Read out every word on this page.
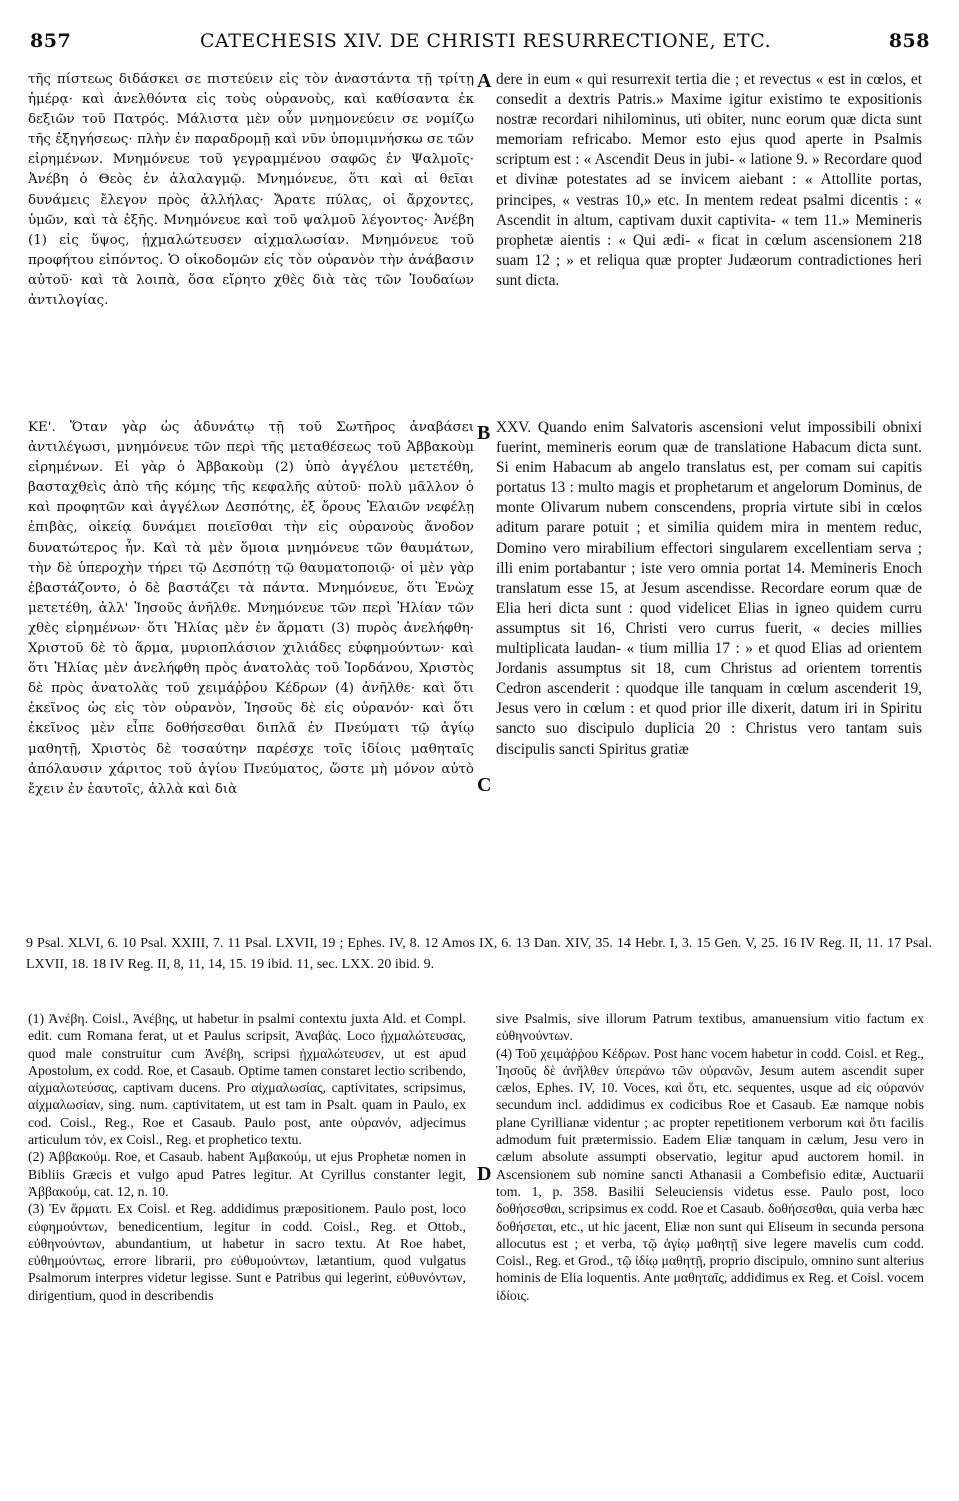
857	CATECHESIS XIV. DE CHRISTI RESURRECTIONE, ETC.	858

τῆς πίστεως διδάσκει σε πιστεύειν εἰς τὸν ἀναστάντα τῇ τρίτῃ ἡμέρᾳ· καὶ ἀνελθόντα εἰς τοὺς οὐρανοὺς, καὶ καθίσαντα ἐκ δεξιῶν τοῦ Πατρός. Μάλιστα μὲν οὖν μνημονεύειν σε νομίζω τῆς ἐξηγήσεως· πλὴν ἐν παραδρομῇ καὶ νῦν ὑπομιμνήσκω σε τῶν εἰρημένων. Μνημόνευε τοῦ γεγραμμένου σαφῶς ἐν Ψαλμοῖς· Ἀνέβη ὁ Θεὸς ἐν ἀλαλαγμῷ. Μνημόνευε, ὅτι καὶ αἱ θεῖαι δυνάμεις ἔλεγον πρὸς ἀλλήλας· Ἄρατε πύλας, οἱ ἄρχοντες, ὑμῶν, καὶ τὰ ἑξῆς. Μνημόνευε καὶ τοῦ ψαλμοῦ λέγοντος· Ἀνέβη (1) εἰς ὕψος, ᾐχμαλώτευσεν αἰχμαλωσίαν. Μνημόνευε τοῦ προφήτου εἰπόντος. Ὁ οἰκοδομῶν εἰς τὸν οὐρανὸν τὴν ἀνάβασιν αὐτοῦ· καὶ τὰ λοιπὰ, ὅσα εἴρητο χθὲς διὰ τὰς τῶν Ἰουδαίων ἀντιλογίας.

ΚΕ'. Ὅταν γὰρ ὡς ἀδυνάτῳ τῇ τοῦ Σωτῆρος ἀναβάσει ἀντιλέγωσι, μνημόνευε τῶν περὶ τῆς μεταθέσεως τοῦ Ἀββακοὺμ εἰρημένων. Εἰ γὰρ ὁ Ἀββακοὺμ (2) ὑπὸ ἀγγέλου μετετέθη, βασταχθεὶς ἀπὸ τῆς κόμης τῆς κεφαλῆς αὐτοῦ· πολὺ μᾶλλον ὁ καὶ προφητῶν καὶ ἀγγέλων Δεσπότης, ἐξ ὄρους Ἐλαιῶν νεφέλῃ ἐπιβὰς, οἰκείᾳ δυνάμει ποιεῖσθαι τὴν εἰς οὐρανοὺς ἄνοδον δυνατώτερος ἦν. Καὶ τὰ μὲν ὅμοια μνημόνευε τῶν θαυμάτων, τὴν δὲ ὑπεροχὴν τήρει τῷ Δεσπότῃ τῷ θαυματοποιῷ· οἱ μὲν γὰρ ἐβαστάζοντο, ὁ δὲ βαστάζει τὰ πάντα. Μνημόνευε, ὅτι Ἐνὼχ μετετέθη, ἀλλ' Ἰησοῦς ἀνῆλθε. Μνημόνευε τῶν περὶ Ἠλίαν τῶν χθὲς εἰρημένων· ὅτι Ἠλίας μὲν ἐν ἅρματι (3) πυρὸς ἀνελήφθη· Χριστοῦ δὲ τὸ ἅρμα, μυριοπλάσιον χιλιάδες εὐφημούντων· καὶ ὅτι Ἠλίας μὲν ἀνελήφθη πρὸς ἀνατολὰς τοῦ Ἰορδάνου, Χριστὸς δὲ πρὸς ἀνατολὰς τοῦ χειμάῤῥου Κέδρων (4) ἀνῆλθε· καὶ ὅτι ἐκεῖνος ὡς εἰς τὸν οὐρανὸν, Ἰησοῦς δὲ εἰς οὐρανόν· καὶ ὅτι ἐκεῖνος μὲν εἶπε δοθήσεσθαι διπλᾶ ἐν Πνεύματι τῷ ἁγίῳ μαθητῇ, Χριστὸς δὲ τοσαύτην παρέσχε τοῖς ἰδίοις μαθηταῖς ἀπόλαυσιν χάριτος τοῦ ἁγίου Πνεύματος, ὥστε μὴ μόνον αὐτὸ ἔχειν ἐν ἑαυτοῖς, ἀλλὰ καὶ διὰ

A
B
C
D

dere in eum « qui resurrexit tertia die ; et revectus « est in cœlos, et consedit a dextris Patris.» Maxime igitur existimo te expositionis nostræ recordari nihilominus, uti obiter, nunc eorum quæ dicta sunt memoriam refricabo. Memor esto ejus quod aperte in Psalmis scriptum est : « Ascendit Deus in jubi- « latione 9. » Recordare quod et divinæ potestates ad se invicem aiebant : « Attollite portas, principes, « vestras 10,» etc. In mentem redeat psalmi dicentis : « Ascendit in altum, captivam duxit captivita- « tem 11.» Memineris prophetæ aientis : « Qui ædi- « ficat in cœlum ascensionem 218 suam 12 ; » et reliqua quæ propter Judæorum contradictiones heri sunt dicta.

XXV. Quando enim Salvatoris ascensioni velut impossibili obnixi fuerint, memineris eorum quæ de translatione Habacum dicta sunt. Si enim Habacum ab angelo translatus est, per comam sui capitis portatus 13 : multo magis et prophetarum et angelorum Dominus, de monte Olivarum nubem conscendens, propria virtute sibi in cœlos aditum parare potuit ; et similia quidem mira in mentem reduc, Domino vero mirabilium effectori singularem excellentiam serva ; illi enim portabantur ; iste vero omnia portat 14. Memineris Enoch translatum esse 15, at Jesum ascendisse. Recordare eorum quæ de Elia heri dicta sunt : quod videlicet Elias in igneo quidem curru assumptus sit 16, Christi vero currus fuerit, « decies millies multiplicata laudan- « tium millia 17 : » et quod Elias ad orientem Jordanis assumptus sit 18, cum Christus ad orientem torrentis Cedron ascenderit : quodque ille tanquam in cœlum ascenderit 19, Jesus vero in cœlum : et quod prior ille dixerit, datum iri in Spiritu sancto suo discipulo duplicia 20 : Christus vero tantam suis discipulis sancti Spiritus gratiæ

9 Psal. XLVI, 6. 10 Psal. XXIII, 7. 11 Psal. LXVII, 19 ; Ephes. IV, 8. 12 Amos IX, 6. 13 Dan. XIV, 35. 14 Hebr. I, 3. 15 Gen. V, 25. 16 IV Reg. II, 11. 17 Psal. LXVII, 18. 18 IV Reg. II, 8, 11, 14, 15. 19 ibid. 11, sec. LXX. 20 ibid. 9.
(1) Ἀνέβη. Coisl., Ἀνέβης, ut habetur in psalmi contextu juxta Ald. et Compl. edit. cum Romana ferat, ut et Paulus scripsit, Ἀναβάς. Loco ᾐχμαλώτευσας, quod male construitur cum Ἀνέβη, scripsi ᾐχμαλώτευσεν, ut est apud Apostolum, ex codd. Roe, et Casaub. Optime tamen constaret lectio scribendo, αἰχμαλωτεύσας, captivam ducens. Pro αἰχμαλωσίας, captivitates, scripsimus, αἰχμαλωσίαν, sing. num. captivitatem, ut est tam in Psalt. quam in Paulo, ex cod. Coisl., Reg., Roe et Casaub. Paulo post, ante οὐρανόν, adjecimus articulum τόν, ex Coisl., Reg. et prophetico textu.
(2) Ἀββακούμ. Roe, et Casaub. habent Ἀμβακούμ, ut ejus Prophetæ nomen in Bibliis Græcis et vulgo apud Patres legitur. At Cyrillus constanter legit, Ἀββακούμ, cat. 12, n. 10.
(3) Ἐν ἅρματι. Ex Coisl. et Reg. addidimus præpositionem. Paulo post, loco εὐφημούντων, benedicentium, legitur in codd. Coisl., Reg. et Ottob., εὐθηνούντων, abundantium, ut habetur in sacro textu. At Roe habet, εὐθημούντως, errore librarii, pro εὐθυμούντων, lætantium, quod vulgatus Psalmorum interpres videtur legisse. Sunt e Patribus qui legerint, εὐθυνόντων, dirigentium, quod in describendis
sive Psalmis, sive illorum Patrum textibus, amanuensium vitio factum ex εὐθηνούντων.
(4) Τοῦ χειμάῤῥου Κέδρων. Post hanc vocem habetur in codd. Coisl. et Reg., Ἰησοῦς δὲ ἀνῆλθεν ὑπεράνω τῶν οὐρανῶν, Jesum autem ascendit super cælos, Ephes. IV, 10. Voces, καὶ ὅτι, etc. sequentes, usque ad εἰς οὐρανόν secundum incl. addidimus ex codicibus Roe et Casaub. Eæ namque nobis plane Cyrillianæ videntur ; ac propter repetitionem verborum καὶ ὅτι facilis admodum fuit prætermissio. Eadem Eliæ tanquam in cælum, Jesu vero in cælum absolute assumpti observatio, legitur apud auctorem homil. in Ascensionem sub nomine sancti Athanasii a Combefisio editæ, Auctuarii tom. 1, p. 358. Basilii Seleuciensis videtus esse. Paulo post, loco δοθήσεσθαι, scripsimus ex codd. Roe et Casaub. δοθήσεσθαι, quia verba hæc δοθήσεται, etc., ut hic jacent, Eliæ non sunt qui Eliseum in secunda persona allocutus est ; et verba, τῷ ἁγίῳ μαθητῇ sive legere mavelis cum codd. Coisl., Reg. et Grod., τῷ ἰδίῳ μαθητῇ, proprio discipulo, omnino sunt alterius hominis de Elia loquentis. Ante μαθηταῖς, addidimus ex Reg. et Coisl. vocem ἰδίοις.
